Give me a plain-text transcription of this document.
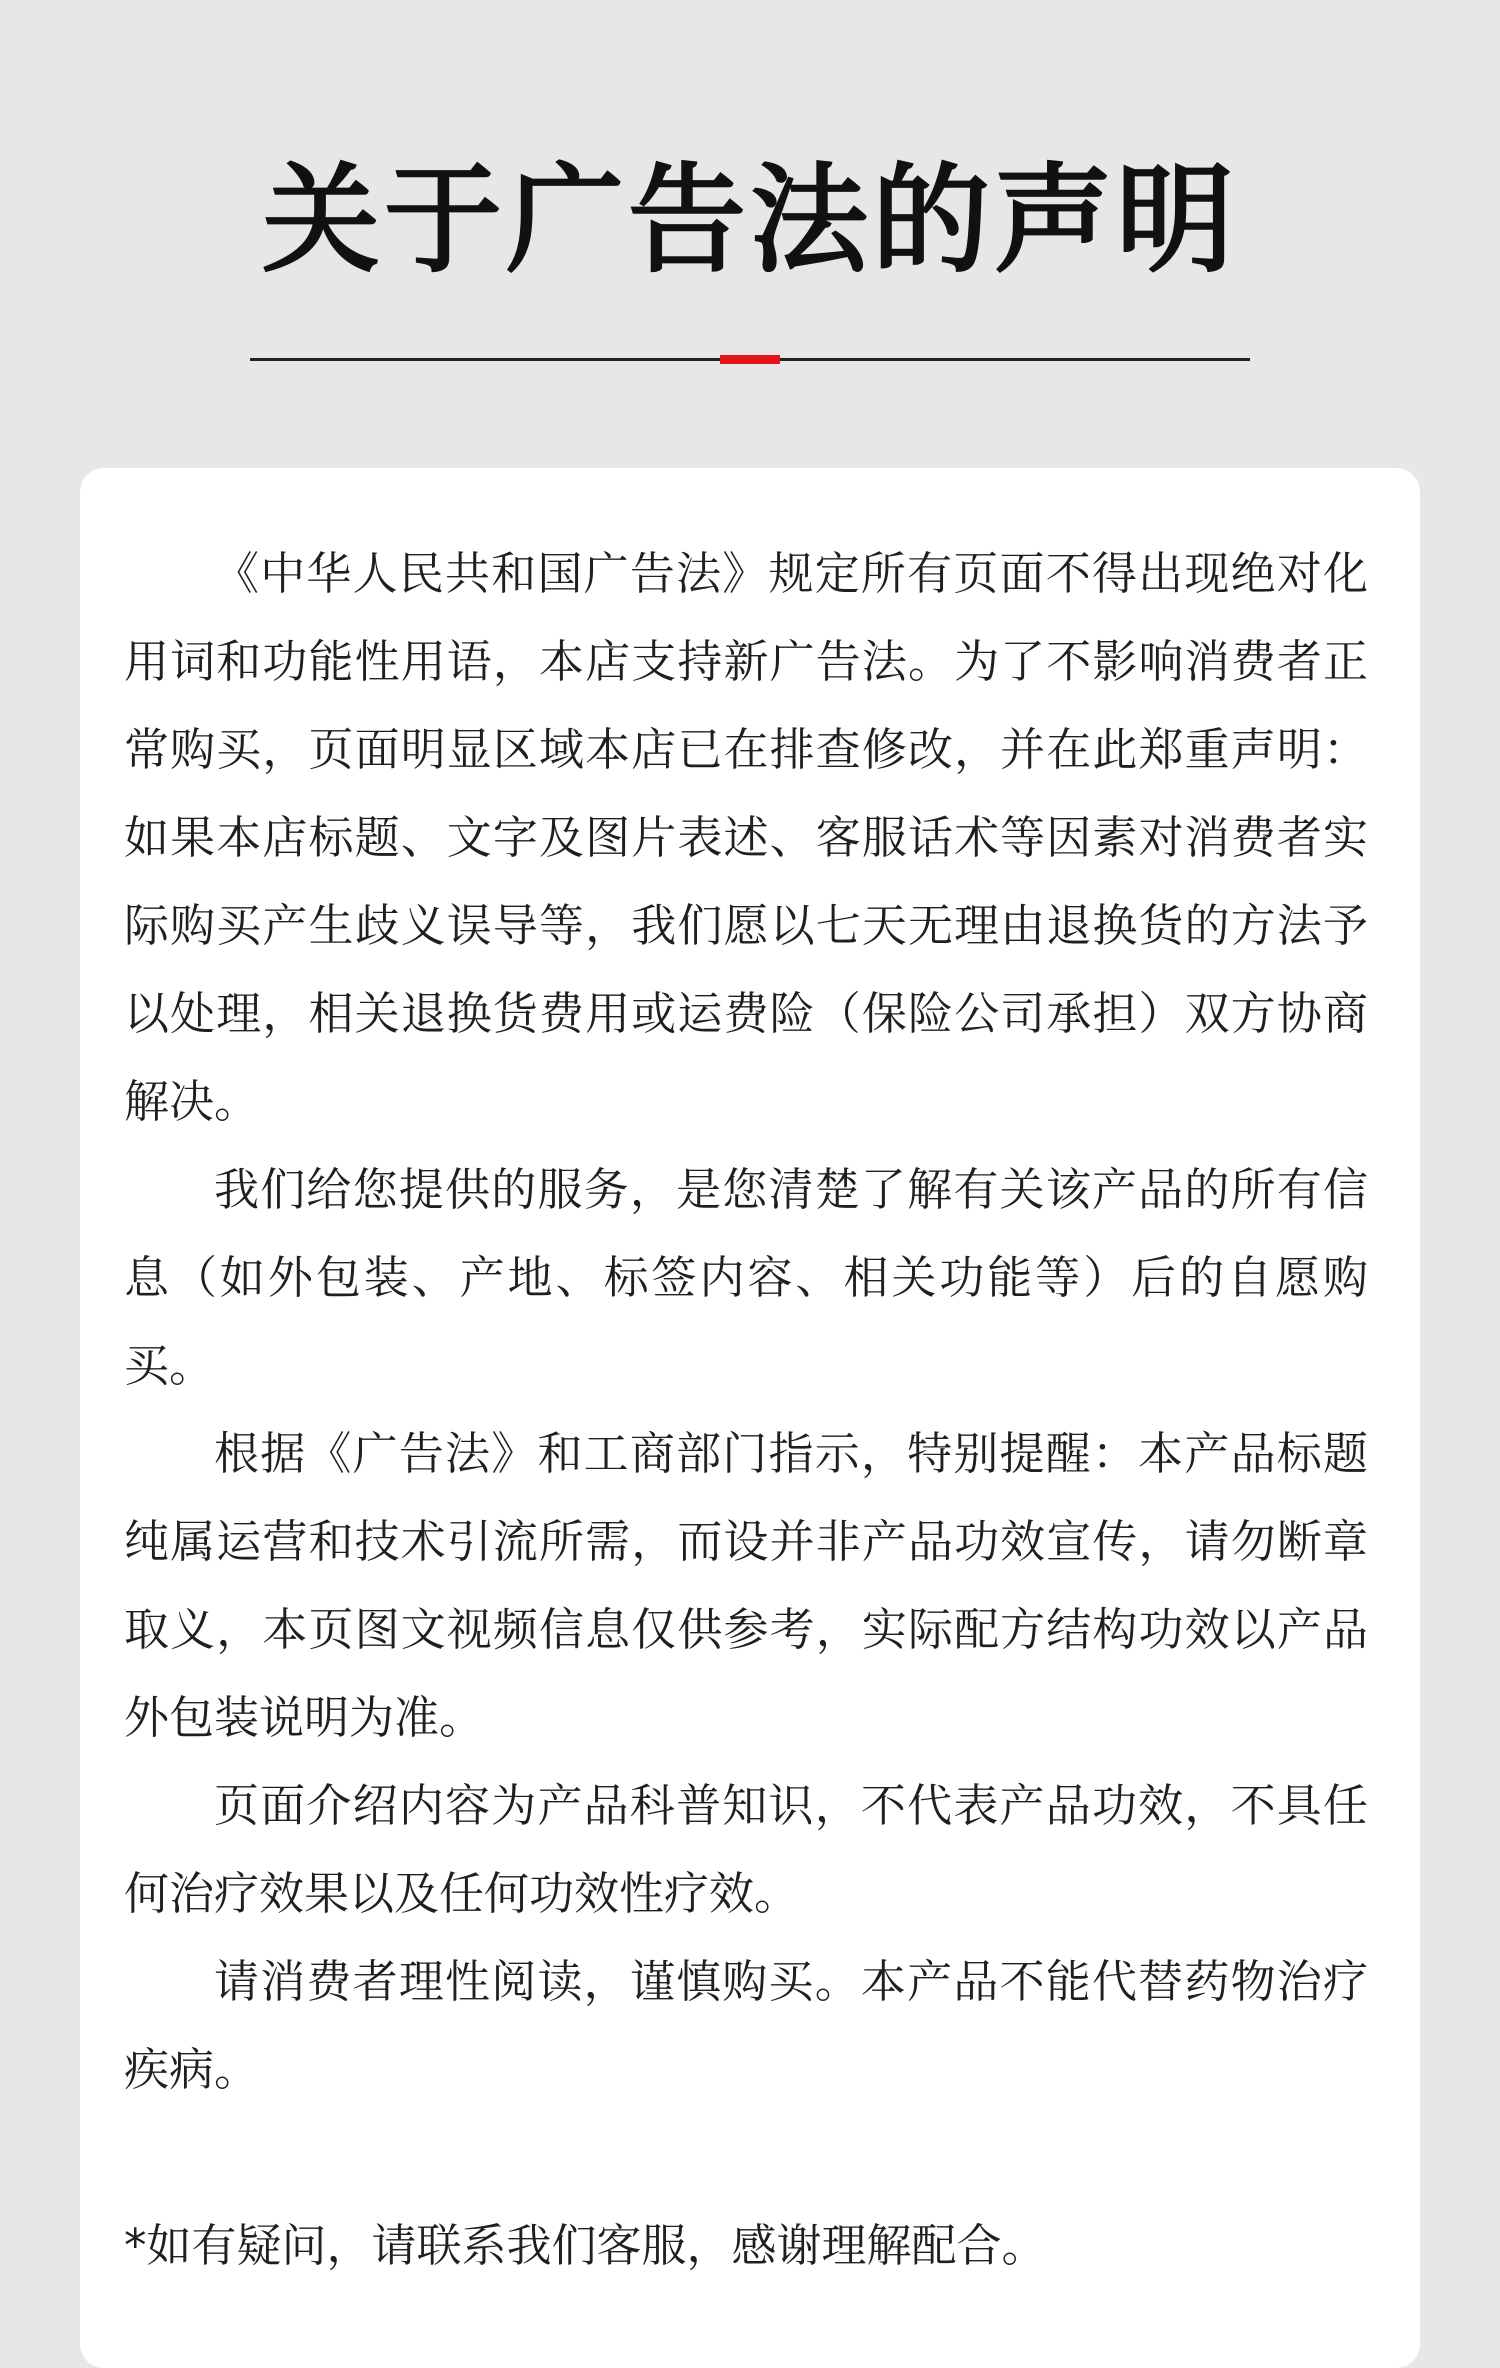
关于广告法的声明

《中华人民共和国广告法》规定所有页面不得出现绝对化用词和功能性用语，本店支持新广告法。为了不影响消费者正常购买，页面明显区域本店已在排查修改，并在此郑重声明：如果本店标题、文字及图片表述、客服话术等因素对消费者实际购买产生歧义误导等，我们愿以七天无理由退换货的方法予以处理，相关退换货费用或运费险（保险公司承担）双方协商解决。

我们给您提供的服务，是您清楚了解有关该产品的所有信息（如外包装、产地、标签内容、相关功能等）后的自愿购买。

根据《广告法》和工商部门指示，特别提醒：本产品标题纯属运营和技术引流所需，而设并非产品功效宣传，请勿断章取义，本页图文视频信息仅供参考，实际配方结构功效以产品外包装说明为准。

页面介绍内容为产品科普知识，不代表产品功效，不具任何治疗效果以及任何功效性疗效。

请消费者理性阅读，谨慎购买。本产品不能代替药物治疗疾病。

*如有疑问，请联系我们客服，感谢理解配合。
